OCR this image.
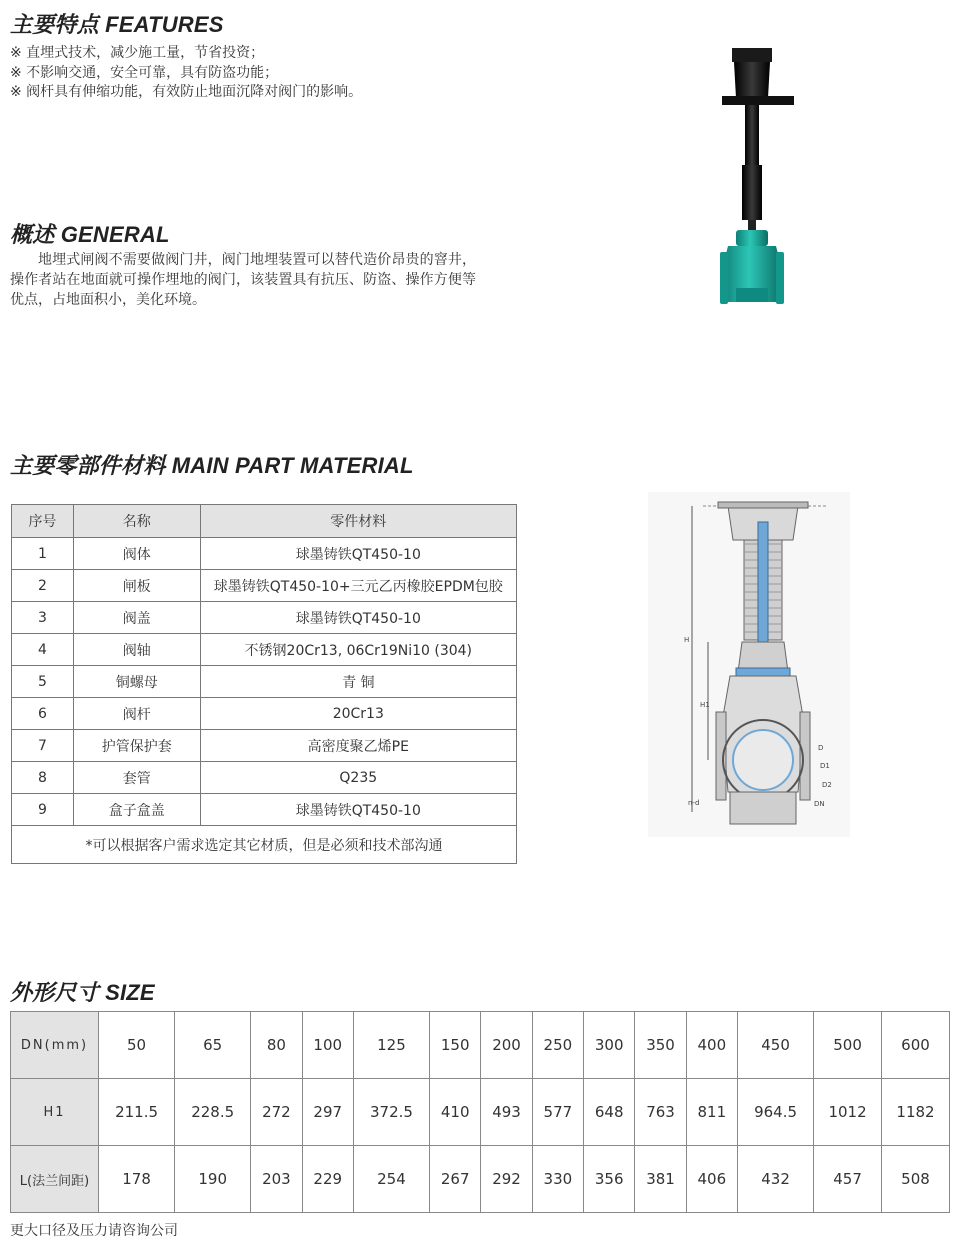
主要特点 FEATURES
※ 直埋式技术，减少施工量，节省投资；
※ 不影响交通，安全可靠，具有防盗功能；
※ 阀杆具有伸缩功能，有效防止地面沉降对阀门的影响。
概述 GENERAL
地埋式闸阀不需要做阀门井，阀门地埋装置可以替代造价昂贵的窨井，操作者站在地面就可操作埋地的阀门，该装置具有抗压、防盗、操作方便等优点，占地面积小，美化环境。
主要零部件材料 MAIN PART MATERIAL
序号	名称	零件材料
1	阀体	球墨铸铁QT450-10
2	闸板	球墨铸铁QT450-10+三元乙丙橡胶EPDM包胶
3	阀盖	球墨铸铁QT450-10
4	阀轴	不锈钢20Cr13, 06Cr19Ni10 (304)
5	铜螺母	青 铜
6	阀杆	20Cr13
7	护管保护套	高密度聚乙烯PE
8	套管	Q235
9	盒子盒盖	球墨铸铁QT450-10
*可以根据客户需求选定其它材质，但是必须和技术部沟通		
H
H1
D
D1
D2
n-d	DN
外形尺寸 SIZE
DN(mm)	50	65	80	100	125	150	200	250	300	350	400	450	500	600
H1	211.5	228.5	272	297	372.5	410	493	577	648	763	811	964.5	1012	1182
L(法兰间距)	178	190	203	229	254	267	292	330	356	381	406	432	457	508
更大口径及压力请咨询公司
